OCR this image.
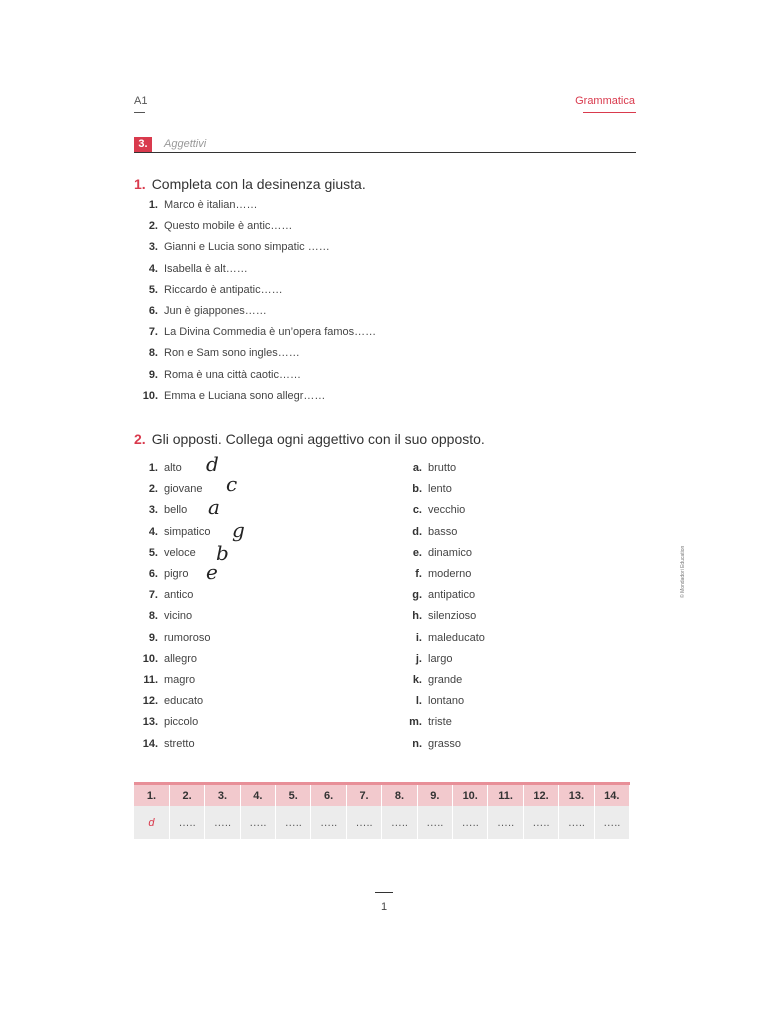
A1	Grammatica
3.	Aggettivi
1. Completa con la desinenza giusta.
1. Marco è italian……
2. Questo mobile è antic……
3. Gianni e Lucia sono simpatic ……
4. Isabella è alt……
5. Riccardo è antipatic……
6. Jun è giappones……
7. La Divina Commedia è un’opera famos……
8. Ron e Sam sono ingles……
9. Roma è una città caotic……
10. Emma e Luciana sono allegr……
2. Gli opposti. Collega ogni aggettivo con il suo opposto.
1. alto d
2. giovane c
3. bello a
4. simpatico g
5. veloce b
6. pigro e
7. antico
8. vicino
9. rumoroso
10. allegro
11. magro
12. educato
13. piccolo
14. stretto
a. brutto
b. lento
c. vecchio
d. basso
e. dinamico
f. moderno
g. antipatico
h. silenzioso
i. maleducato
j. largo
k. grande
l. lontano
m. triste
n. grasso
© Mondadori Education
1.	2.	3.	4.	5.	6.	7.	8.	9.	10.	11.	12.	13.	14.
d	…..	…..	…..	…..	…..	…..	…..	…..	…..	…..	…..	…..	…..
1
